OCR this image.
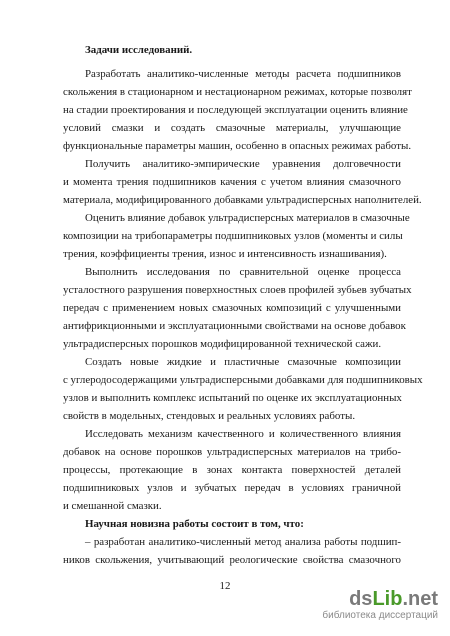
Задачи исследований.
Разработать аналитико-численные методы расчета подшипников
скольжения в стационарном и нестационарном режимах, которые позволят
на стадии проектирования и последующей эксплуатации оценить влияние
условий смазки и создать смазочные материалы, улучшающие
функциональные параметры машин, особенно в опасных режимах работы.
Получить аналитико-эмпирические уравнения долговечности
и момента трения подшипников качения с учетом влияния смазочного
материала, модифицированного добавками ультрадисперсных наполнителей.
Оценить влияние добавок ультрадисперсных материалов в смазочные
композиции на трибопараметры подшипниковых узлов (моменты и силы
трения, коэффициенты трения, износ и интенсивность изнашивания).
Выполнить исследования по сравнительной оценке процесса
усталостного разрушения поверхностных слоев профилей зубьев зубчатых
передач с применением новых смазочных композиций с улучшенными
антифрикционными и эксплуатационными свойствами на основе добавок
ультрадисперсных порошков модифицированной технической сажи.
Создать новые жидкие и пластичные смазочные композиции
с углеродосодержащими ультрадисперсными добавками для подшипниковых
узлов и выполнить комплекс испытаний по оценке их эксплуатационных
свойств в модельных, стендовых и реальных условиях работы.
Исследовать механизм качественного и количественного влияния
добавок на основе порошков ультрадисперсных материалов на трибо-
процессы, протекающие в зонах контакта поверхностей деталей
подшипниковых узлов и зубчатых передач в условиях граничной
и смешанной смазки.
Научная новизна работы состоит в том, что:
– разработан аналитико-численный метод анализа работы подшип-
ников скольжения, учитывающий реологические свойства смазочного
12
dsLib.net
библиотека диссертаций
